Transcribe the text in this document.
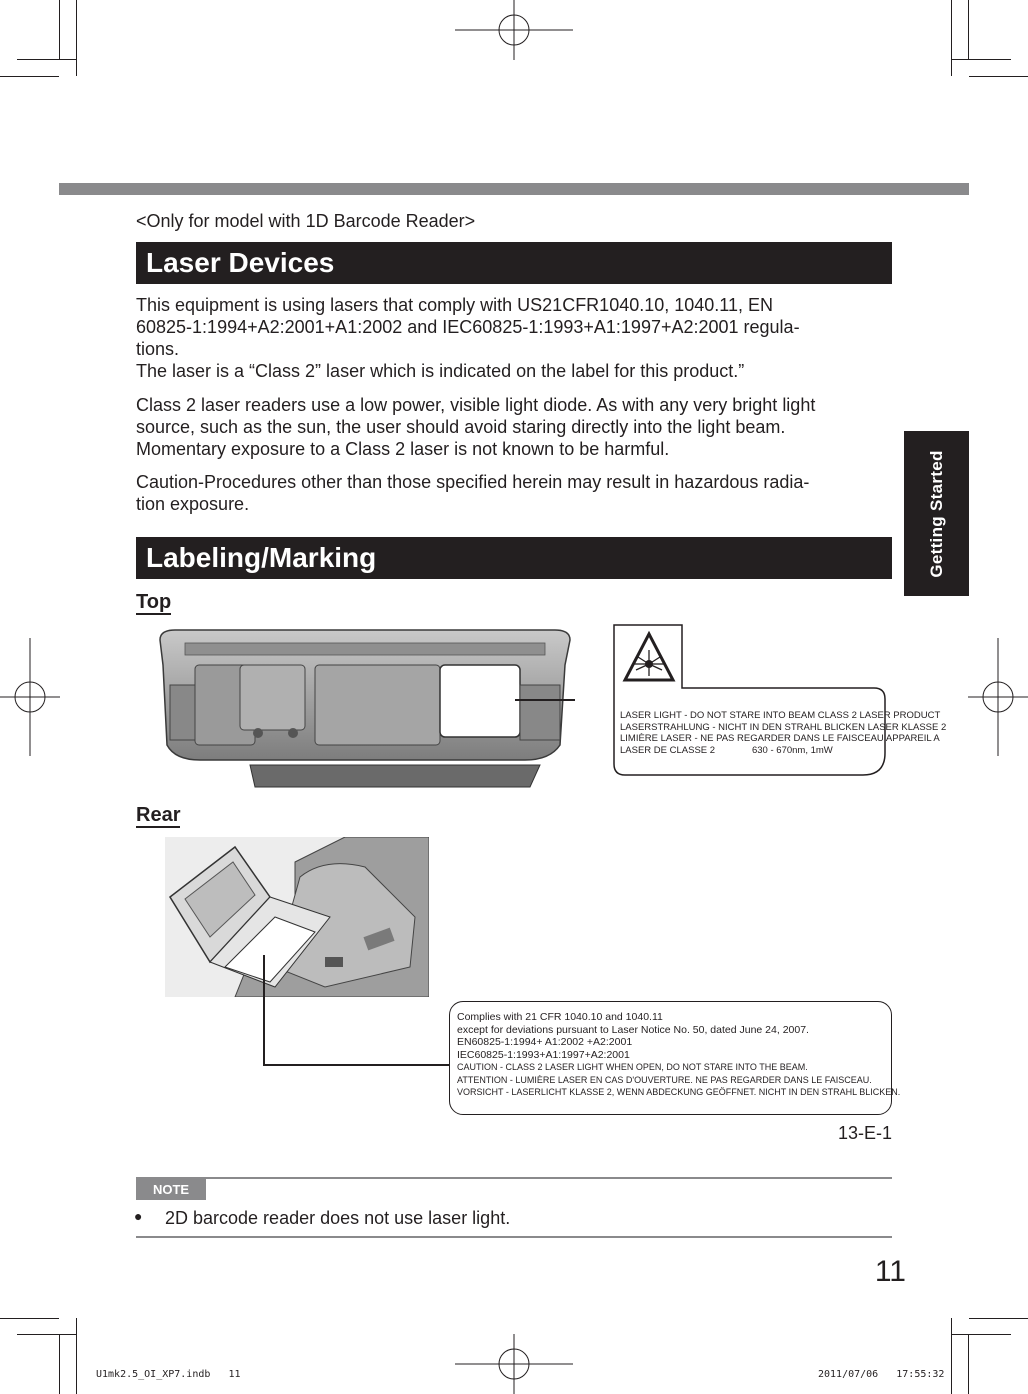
Getting Started
<Only for model with 1D Barcode Reader>
Laser Devices

This equipment is using lasers that comply with US21CFR1040.10, 1040.11, EN
60825-1:1994+A2:2001+A1:2002 and IEC60825-1:1993+A1:1997+A2:2001 regula-
tions.
The laser is a “Class 2” laser which is indicated on the label for this product.”

Class 2 laser readers use a low power, visible light diode. As with any very bright light
source, such as the sun, the user should avoid staring directly into the light beam.
Momentary exposure to a Class 2 laser is not known to be harmful.

Caution-Procedures other than those specified herein may result in hazardous radia-
tion exposure.

Labeling/Marking
Top
LASER LIGHT - DO NOT STARE INTO BEAM CLASS 2 LASER PRODUCT
LASERSTRAHLUNG - NICHT IN DEN STRAHL BLICKEN LASER KLASSE 2
LIMIÈRE LASER - NE PAS REGARDER DANS LE FAISCEAU APPAREIL A
LASER DE CLASSE 2              630 - 670nm, 1mW
Rear
Complies with 21 CFR 1040.10 and 1040.11
except for deviations pursuant to Laser Notice No. 50, dated June 24, 2007.
EN60825-1:1994+ A1:2002 +A2:2001
IEC60825-1:1993+A1:1997+A2:2001
CAUTION - CLASS 2 LASER LIGHT WHEN OPEN, DO NOT STARE INTO THE BEAM.
ATTENTION - LUMIÈRE LASER EN CAS D'OUVERTURE. NE PAS REGARDER DANS LE FAISCEAU.
VORSICHT - LASERLICHT KLASSE 2, WENN ABDECKUNG GEÖFFNET. NICHT IN DEN STRAHL BLICKEN.
13-E-1
NOTE
● 2D barcode reader does not use laser light.
11
U1mk2.5_OI_XP7.indb   11	2011/07/06   17:55:32
